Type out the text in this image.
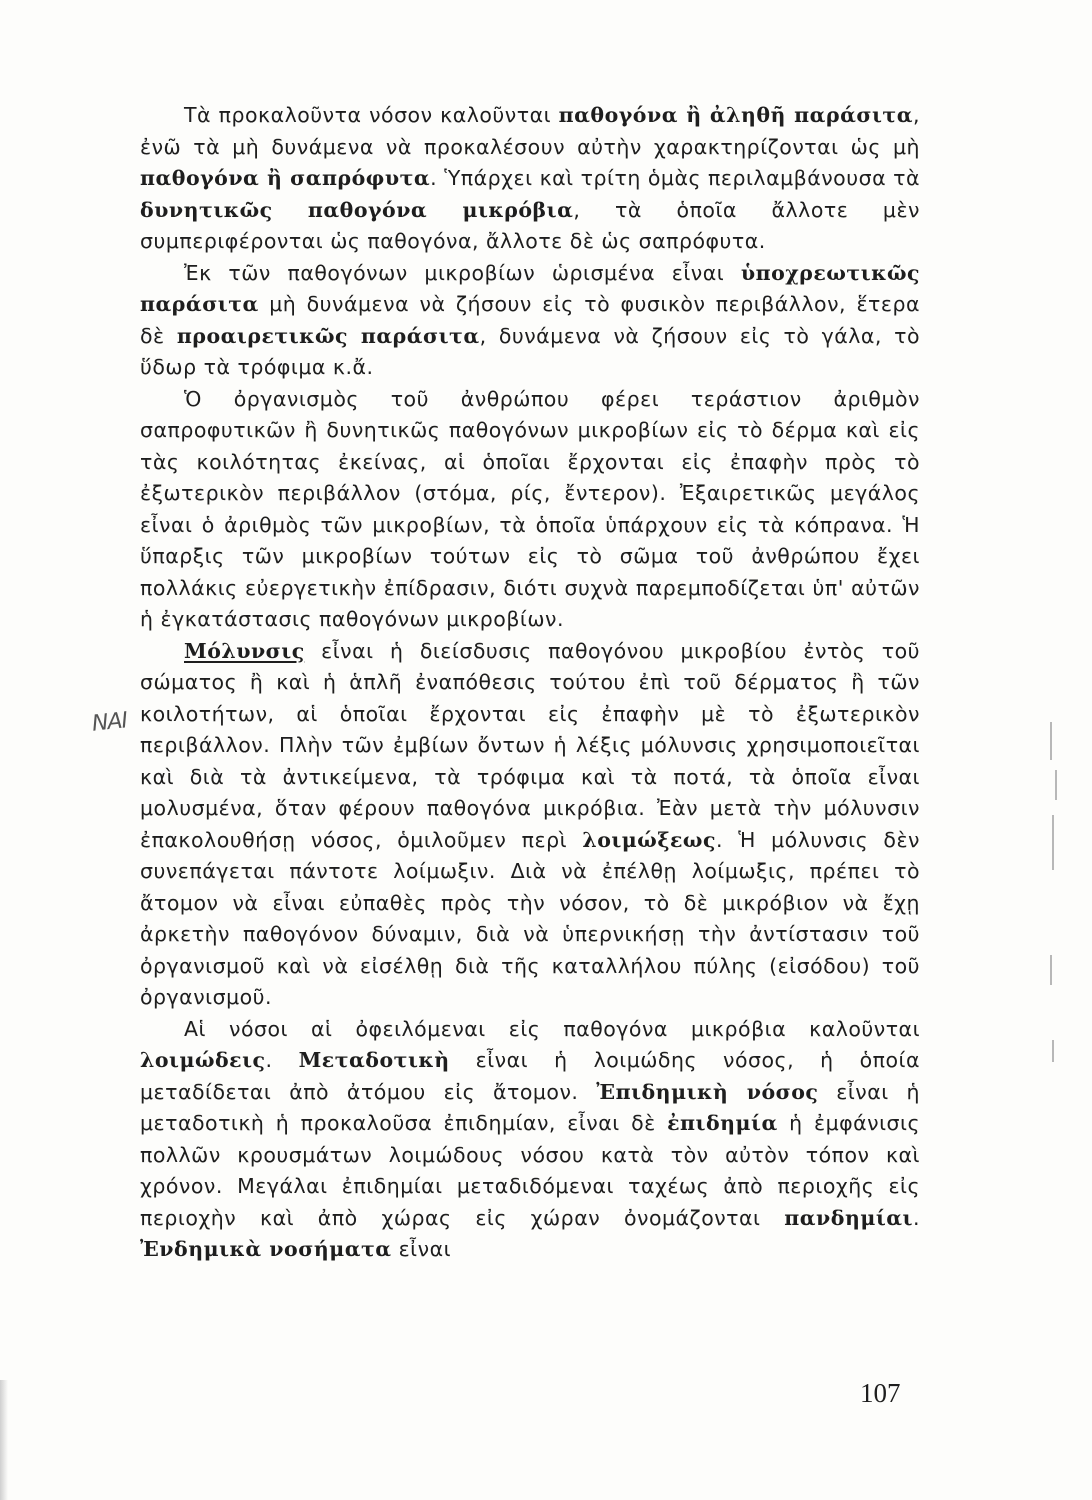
ΝΑΙ

Τὰ προκαλοῦντα νόσον καλοῦνται παθογόνα ἢ ἀληθῆ παράσιτα, ἐνῶ τὰ μὴ δυνάμενα νὰ προκαλέσουν αὐτὴν χαρακτηρίζονται ὡς μὴ παθογόνα ἢ σαπρόφυτα. Ὑπάρχει καὶ τρίτη ὁμὰς περιλαμβάνουσα τὰ δυνητικῶς παθογόνα μικρόβια, τὰ ὁποῖα ἄλλοτε μὲν συμπεριφέρονται ὡς παθογόνα, ἄλλοτε δὲ ὡς σαπρόφυτα.

Ἐκ τῶν παθογόνων μικροβίων ὡρισμένα εἶναι ὑποχρεωτικῶς παράσιτα μὴ δυνάμενα νὰ ζήσουν εἰς τὸ φυσικὸν περιβάλλον, ἕτερα δὲ προαιρετικῶς παράσιτα, δυνάμενα νὰ ζήσουν εἰς τὸ γάλα, τὸ ὕδωρ τὰ τρόφιμα κ.ἄ.

Ὁ ὀργανισμὸς τοῦ ἀνθρώπου φέρει τεράστιον ἀριθμὸν σαπροφυτικῶν ἢ δυνητικῶς παθογόνων μικροβίων εἰς τὸ δέρμα καὶ εἰς τὰς κοιλότητας ἐκείνας, αἱ ὁποῖαι ἔρχονται εἰς ἐπαφὴν πρὸς τὸ ἐξωτερικὸν περιβάλλον (στόμα, ρίς, ἔντερον). Ἐξαιρετικῶς μεγάλος εἶναι ὁ ἀριθμὸς τῶν μικροβίων, τὰ ὁποῖα ὑπάρχουν εἰς τὰ κόπρανα. Ἡ ὕπαρξις τῶν μικροβίων τούτων εἰς τὸ σῶμα τοῦ ἀνθρώπου ἔχει πολλάκις εὐεργετικὴν ἐπίδρασιν, διότι συχνὰ παρεμποδίζεται ὑπ' αὐτῶν ἡ ἐγκατάστασις παθογόνων μικροβίων.

Μόλυνσις εἶναι ἡ διείσδυσις παθογόνου μικροβίου ἐντὸς τοῦ σώματος ἢ καὶ ἡ ἁπλῆ ἐναπόθεσις τούτου ἐπὶ τοῦ δέρματος ἢ τῶν κοιλοτήτων, αἱ ὁποῖαι ἔρχονται εἰς ἐπαφὴν μὲ τὸ ἐξωτερικὸν περιβάλλον. Πλὴν τῶν ἐμβίων ὄντων ἡ λέξις μόλυνσις χρησιμοποιεῖται καὶ διὰ τὰ ἀντικείμενα, τὰ τρόφιμα καὶ τὰ ποτά, τὰ ὁποῖα εἶναι μολυσμένα, ὅταν φέρουν παθογόνα μικρόβια. Ἐὰν μετὰ τὴν μόλυνσιν ἐπακολουθήσῃ νόσος, ὁμιλοῦμεν περὶ λοιμώξεως. Ἡ μόλυνσις δὲν συνεπάγεται πάντοτε λοίμωξιν. Διὰ νὰ ἐπέλθῃ λοίμωξις, πρέπει τὸ ἄτομον νὰ εἶναι εὐπαθὲς πρὸς τὴν νόσον, τὸ δὲ μικρόβιον νὰ ἔχῃ ἀρκετὴν παθογόνον δύναμιν, διὰ νὰ ὑπερνικήσῃ τὴν ἀντίστασιν τοῦ ὀργανισμοῦ καὶ νὰ εἰσέλθῃ διὰ τῆς καταλλήλου πύλης (εἰσόδου) τοῦ ὀργανισμοῦ.

Αἱ νόσοι αἱ ὀφειλόμεναι εἰς παθογόνα μικρόβια καλοῦνται λοιμώδεις. Μεταδοτικὴ εἶναι ἡ λοιμώδης νόσος, ἡ ὁποία μεταδίδεται ἀπὸ ἀτόμου εἰς ἄτομον. Ἐπιδημικὴ νόσος εἶναι ἡ μεταδοτικὴ ἡ προκαλοῦσα ἐπιδημίαν, εἶναι δὲ ἐπιδημία ἡ ἐμφάνισις πολλῶν κρουσμάτων λοιμώδους νόσου κατὰ τὸν αὐτὸν τόπον καὶ χρόνον. Μεγάλαι ἐπιδημίαι μεταδιδόμεναι ταχέως ἀπὸ περιοχῆς εἰς περιοχὴν καὶ ἀπὸ χώρας εἰς χώραν ὀνομάζονται πανδημίαι. Ἐνδημικὰ νοσήματα εἶναι

107
